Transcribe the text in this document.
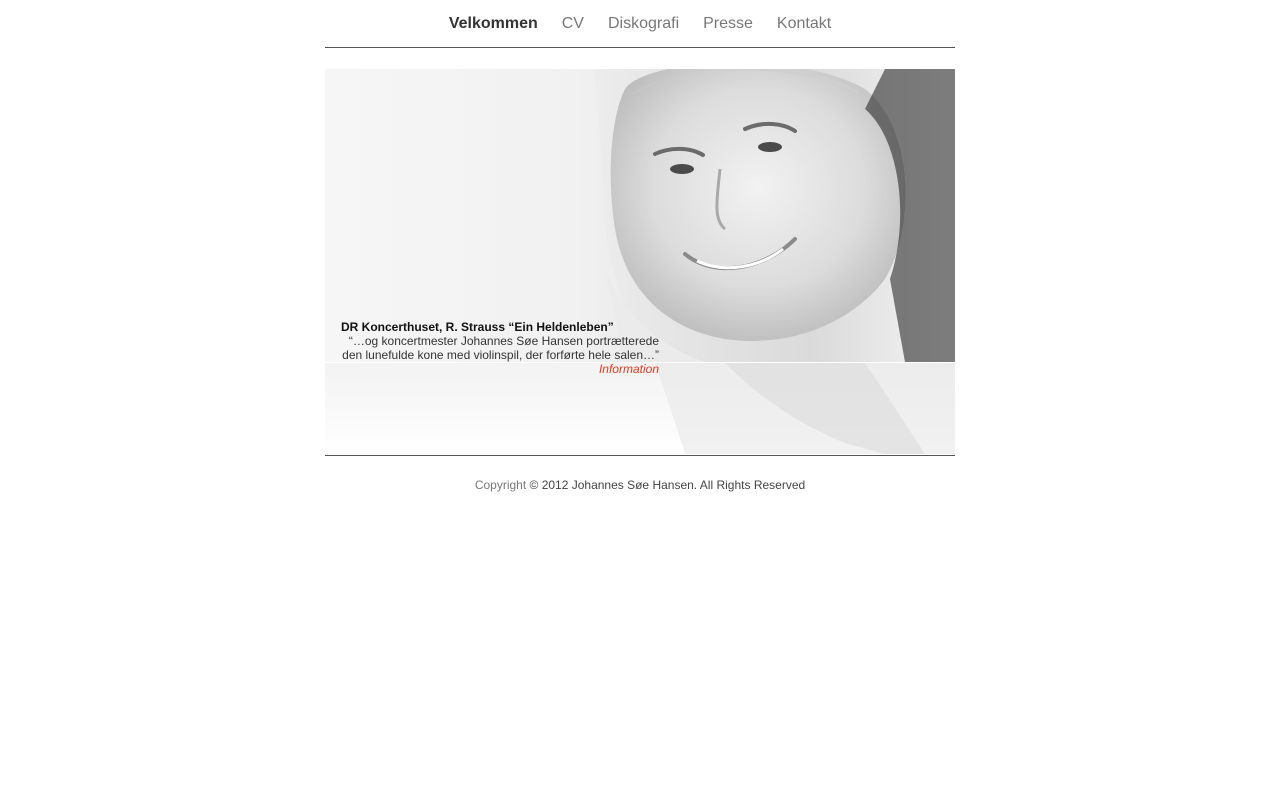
Velkommen CV Diskografi Presse Kontakt
DR Koncerthuset, R. Strauss “Ein Heldenleben”
“…og koncertmester Johannes Søe Hansen portrætterede den lunefulde kone med violinspil, der forførte hele salen…”
Information
Copyright © 2012 Johannes Søe Hansen. All Rights Reserved
